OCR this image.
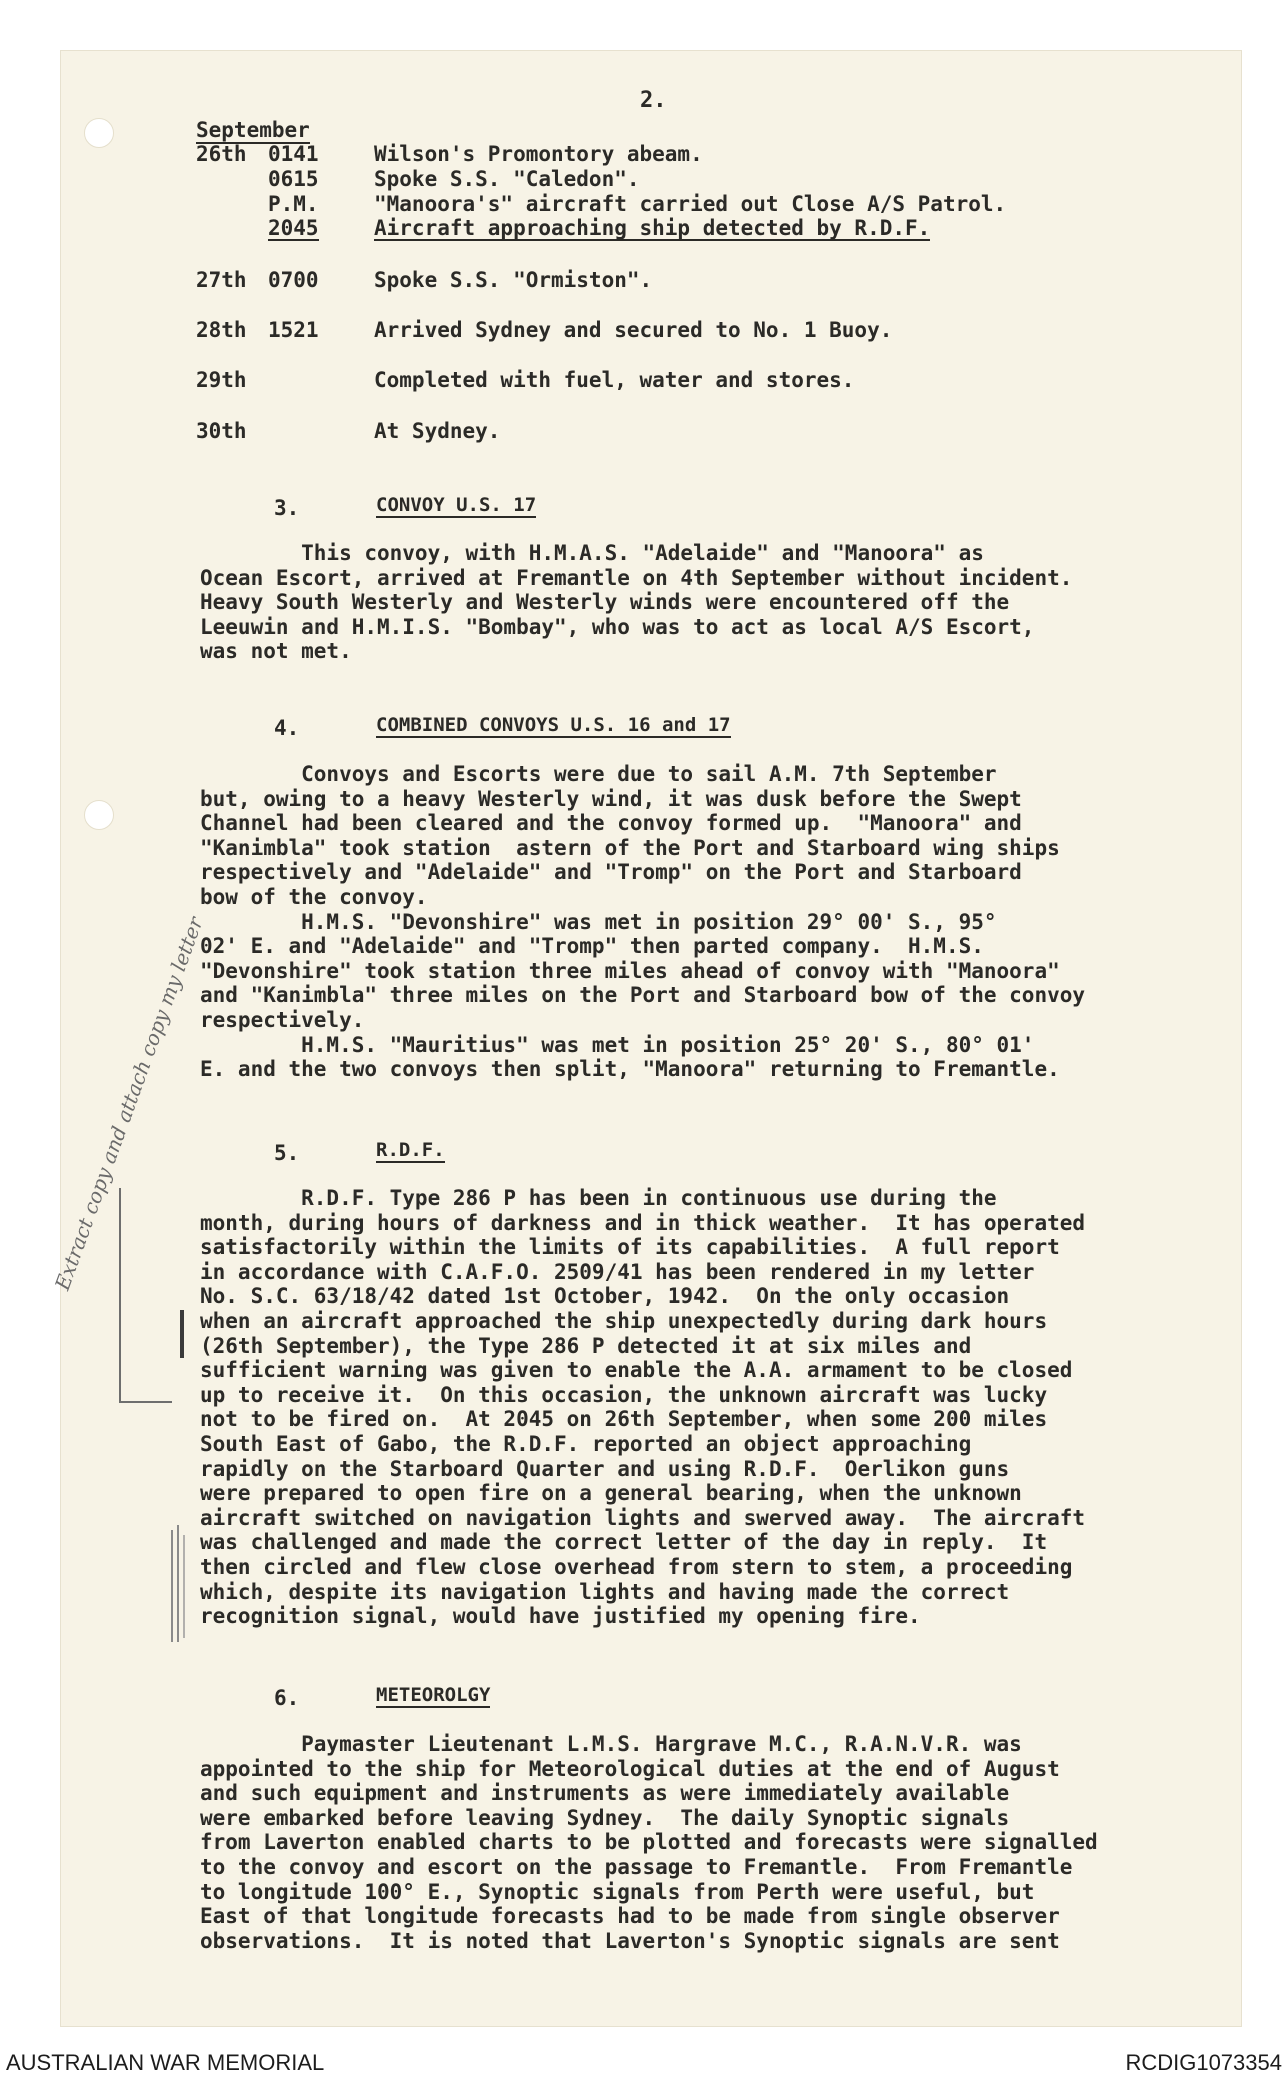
2.
September
26th 0141	Wilson's Promontory abeam.
0615	Spoke S.S. "Caledon".
P.M.	"Manoora's" aircraft carried out Close A/S Patrol.
2045	Aircraft approaching ship detected by R.D.F.
27th 0700	Spoke S.S. "Ormiston".
28th 1521	Arrived Sydney and secured to No. 1 Buoy.
29th	Completed with fuel, water and stores.
30th	At Sydney.
3.	CONVOY U.S. 17
This convoy, with H.M.A.S. "Adelaide" and "Manoora" as
Ocean Escort, arrived at Fremantle on 4th September without incident.
Heavy South Westerly and Westerly winds were encountered off the
Leeuwin and H.M.I.S. "Bombay", who was to act as local A/S Escort,
was not met.
4.	COMBINED CONVOYS U.S. 16 and 17
Convoys and Escorts were due to sail A.M. 7th September
but, owing to a heavy Westerly wind, it was dusk before the Swept
Channel had been cleared and the convoy formed up.  "Manoora" and
"Kanimbla" took station  astern of the Port and Starboard wing ships
respectively and "Adelaide" and "Tromp" on the Port and Starboard
bow of the convoy.
H.M.S. "Devonshire" was met in position 29° 00' S., 95°
02' E. and "Adelaide" and "Tromp" then parted company.  H.M.S.
"Devonshire" took station three miles ahead of convoy with "Manoora"
and "Kanimbla" three miles on the Port and Starboard bow of the convoy
respectively.
H.M.S. "Mauritius" was met in position 25° 20' S., 80° 01'
E. and the two convoys then split, "Manoora" returning to Fremantle.
5.	R.D.F.
R.D.F. Type 286 P has been in continuous use during the
month, during hours of darkness and in thick weather.  It has operated
satisfactorily within the limits of its capabilities.  A full report
in accordance with C.A.F.O. 2509/41 has been rendered in my letter
No. S.C. 63/18/42 dated 1st October, 1942.  On the only occasion
when an aircraft approached the ship unexpectedly during dark hours
(26th September), the Type 286 P detected it at six miles and
sufficient warning was given to enable the A.A. armament to be closed
up to receive it.  On this occasion, the unknown aircraft was lucky
not to be fired on.  At 2045 on 26th September, when some 200 miles
South East of Gabo, the R.D.F. reported an object approaching
rapidly on the Starboard Quarter and using R.D.F.  Oerlikon guns
were prepared to open fire on a general bearing, when the unknown
aircraft switched on navigation lights and swerved away.  The aircraft
was challenged and made the correct letter of the day in reply.  It
then circled and flew close overhead from stern to stem, a proceeding
which, despite its navigation lights and having made the correct
recognition signal, would have justified my opening fire.
6.	METEOROLGY
Paymaster Lieutenant L.M.S. Hargrave M.C., R.A.N.V.R. was
appointed to the ship for Meteorological duties at the end of August
and such equipment and instruments as were immediately available
were embarked before leaving Sydney.  The daily Synoptic signals
from Laverton enabled charts to be plotted and forecasts were signalled
to the convoy and escort on the passage to Fremantle.  From Fremantle
to longitude 100° E., Synoptic signals from Perth were useful, but
East of that longitude forecasts had to be made from single observer
observations.  It is noted that Laverton's Synoptic signals are sent
Extract copy and attach copy my letter
AUSTRALIAN WAR MEMORIAL	RCDIG1073354
